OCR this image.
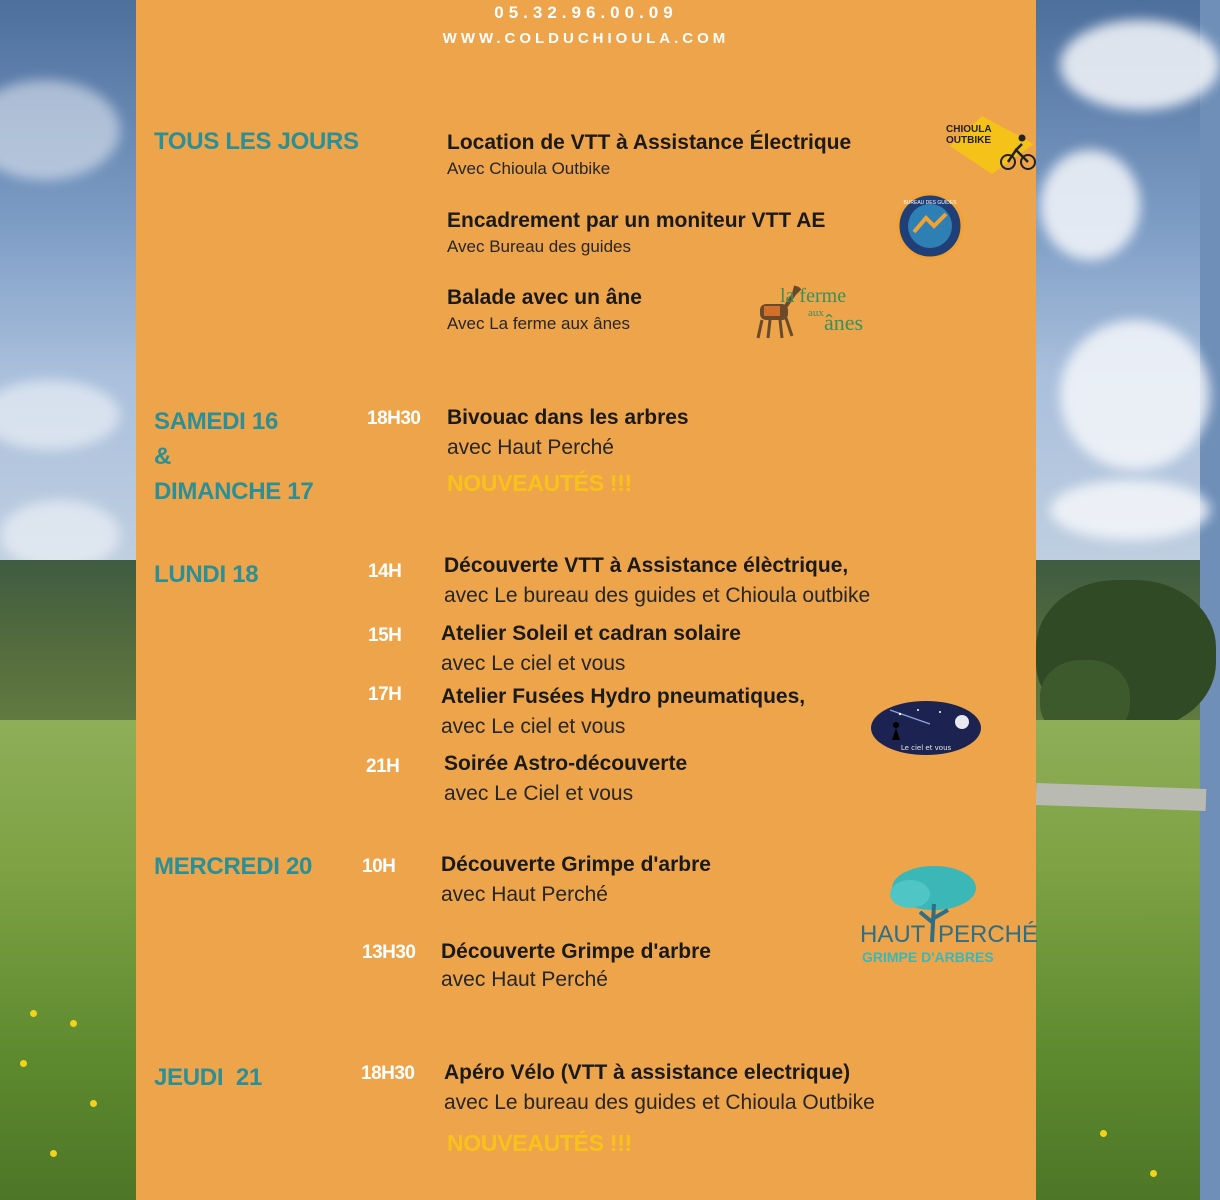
05.32.96.00.09
WWW.COLDUCHIOULA.COM
TOUS LES JOURS	Location de VTT à Assistance Électrique
Avec Chioula Outbike
Encadrement par un moniteur VTT AE
Avec Bureau des guides
Balade avec un âne
Avec La ferme aux ânes
CHIOULA
OUTBIKE
BUREAU DES GUIDES
la ferme
aux ânes
SAMEDI 16
&
DIMANCHE 17
18H30 Bivouac dans les arbres
avec Haut Perché
NOUVEAUTÉS !!!
LUNDI 18	14H Découverte VTT à Assistance élèctrique,
avec Le bureau des guides et Chioula outbike
15H Atelier Soleil et cadran solaire
avec Le ciel et vous
17H Atelier Fusées Hydro pneumatiques,
avec Le ciel et vous
21H Soirée Astro-découverte
avec Le Ciel et vous
Le ciel et vous
MERCREDI 20	10H Découverte Grimpe d'arbre
avec Haut Perché
13H30 Découverte Grimpe d'arbre
avec Haut Perché
HAUT PERCHÉ
GRIMPE D'ARBRES
JEUDI  21	18H30 Apéro Vélo (VTT à assistance electrique)
avec Le bureau des guides et Chioula Outbike
NOUVEAUTÉS !!!
